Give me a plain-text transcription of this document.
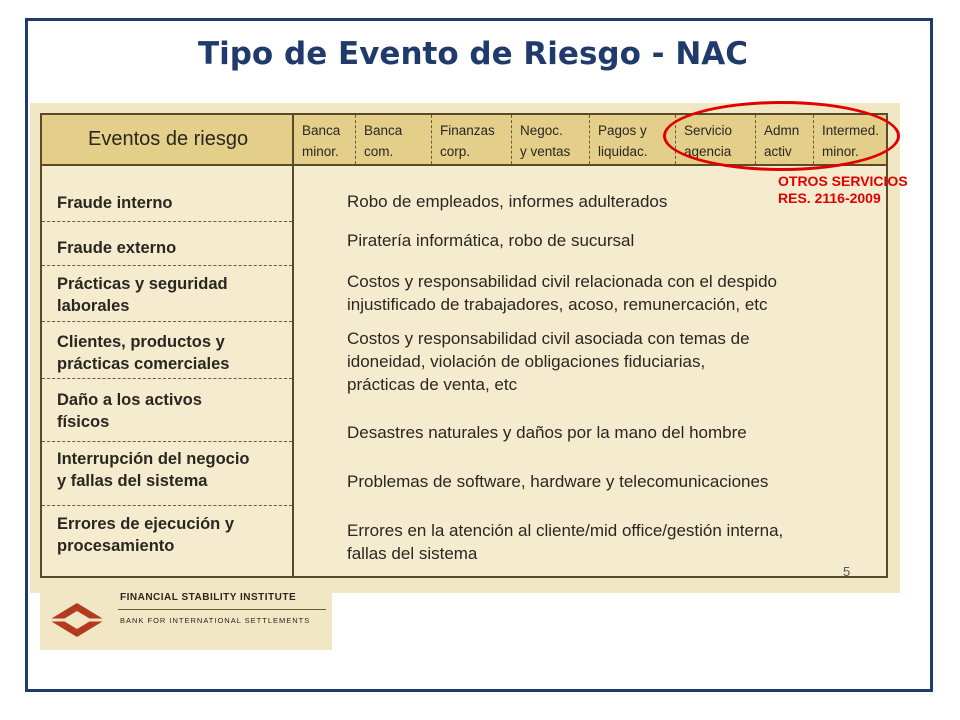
Tipo de Evento de Riesgo - NAC
Eventos de riesgo	Banca
minor.
Banca
com.
Finanzas
corp.
Negoc.
y ventas
Pagos y
liquidac.
Servicio
agencia
Admn
activ
Intermed.
minor.
Fraude interno
Fraude externo
Prácticas y seguridad
laborales
Clientes, productos y
prácticas comerciales
Daño a los activos
físicos
Interrupción del negocio
y fallas del sistema
Errores de ejecución y
procesamiento
Robo de empleados, informes adulterados
Piratería informática, robo de sucursal
Costos y responsabilidad civil relacionada con el despido
injustificado de trabajadores, acoso, remunercación, etc
Costos y responsabilidad civil asociada con temas de
idoneidad, violación de obligaciones fiduciarias,
prácticas de venta, etc
Desastres naturales y daños por la mano del hombre
Problemas de software, hardware y telecomunicaciones
Errores en la atención al cliente/mid office/gestión interna,
fallas del sistema
5
OTROS SERVICIOS
RES. 2116-2009
FINANCIAL STABILITY INSTITUTE
BANK FOR INTERNATIONAL SETTLEMENTS
